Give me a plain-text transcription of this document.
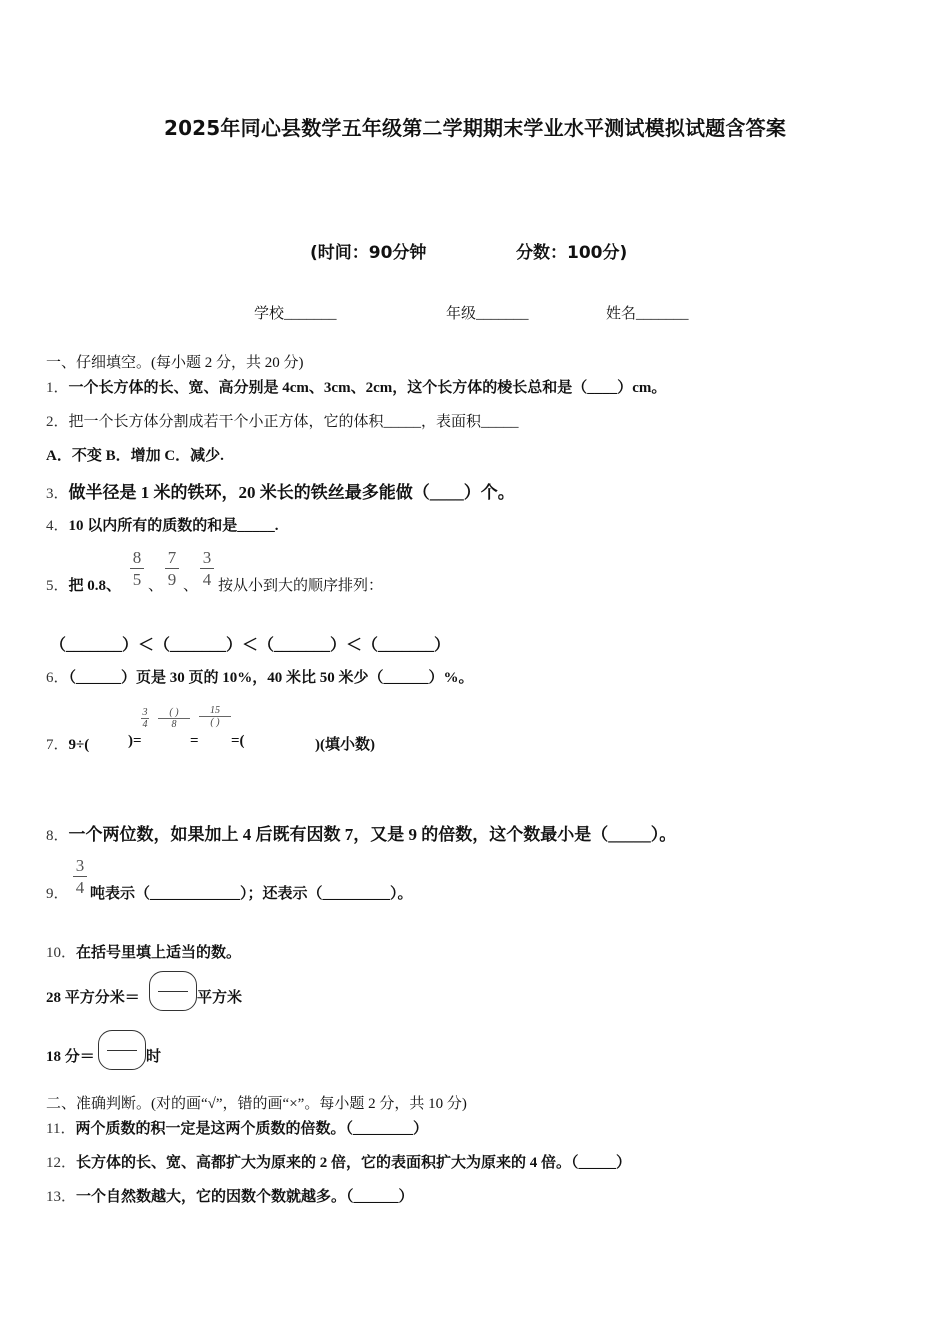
2025年同心县数学五年级第二学期期末学业水平测试模拟试题含答案
(时间：90分钟	分数：100分)
学校_______	年级_______	姓名_______
一、仔细填空。(每小题 2 分，共 20 分)
1．一个长方体的长、宽、高分别是 4cm、3cm、2cm，这个长方体的棱长总和是（____）cm。
2．把一个长方体分割成若干个小正方体，它的体积_____，表面积_____
A．不变 B．增加 C．减少.
3．做半径是 1 米的铁环，20 米长的铁丝最多能做（____）个。
4．10 以内所有的质数的和是_____.
5．把 0.8、
8
5 、
7
9 、
3
4 按从小到大的顺序排列：
（_______）＜（_______）＜（_______）＜（_______）
6．（______）页是 30 页的 10%，40 米比 50 米少（______）%。
7．9÷(	)=	= =(	)(填小数)
3
4
( )
8
15
( )
8．一个两位数，如果加上 4 后既有因数 7，又是 9 的倍数，这个数最小是（_____）。
9．
3
4 吨表示（____________）；还表示（_________）。
10．在括号里填上适当的数。
28 平方分米＝	平方米
18 分＝	时
二、准确判断。(对的画“√”，错的画“×”。每小题 2 分，共 10 分)
11．两个质数的积一定是这两个质数的倍数。（________）
12．长方体的长、宽、高都扩大为原来的 2 倍，它的表面积扩大为原来的 4 倍。（_____）
13．一个自然数越大，它的因数个数就越多。（______）
